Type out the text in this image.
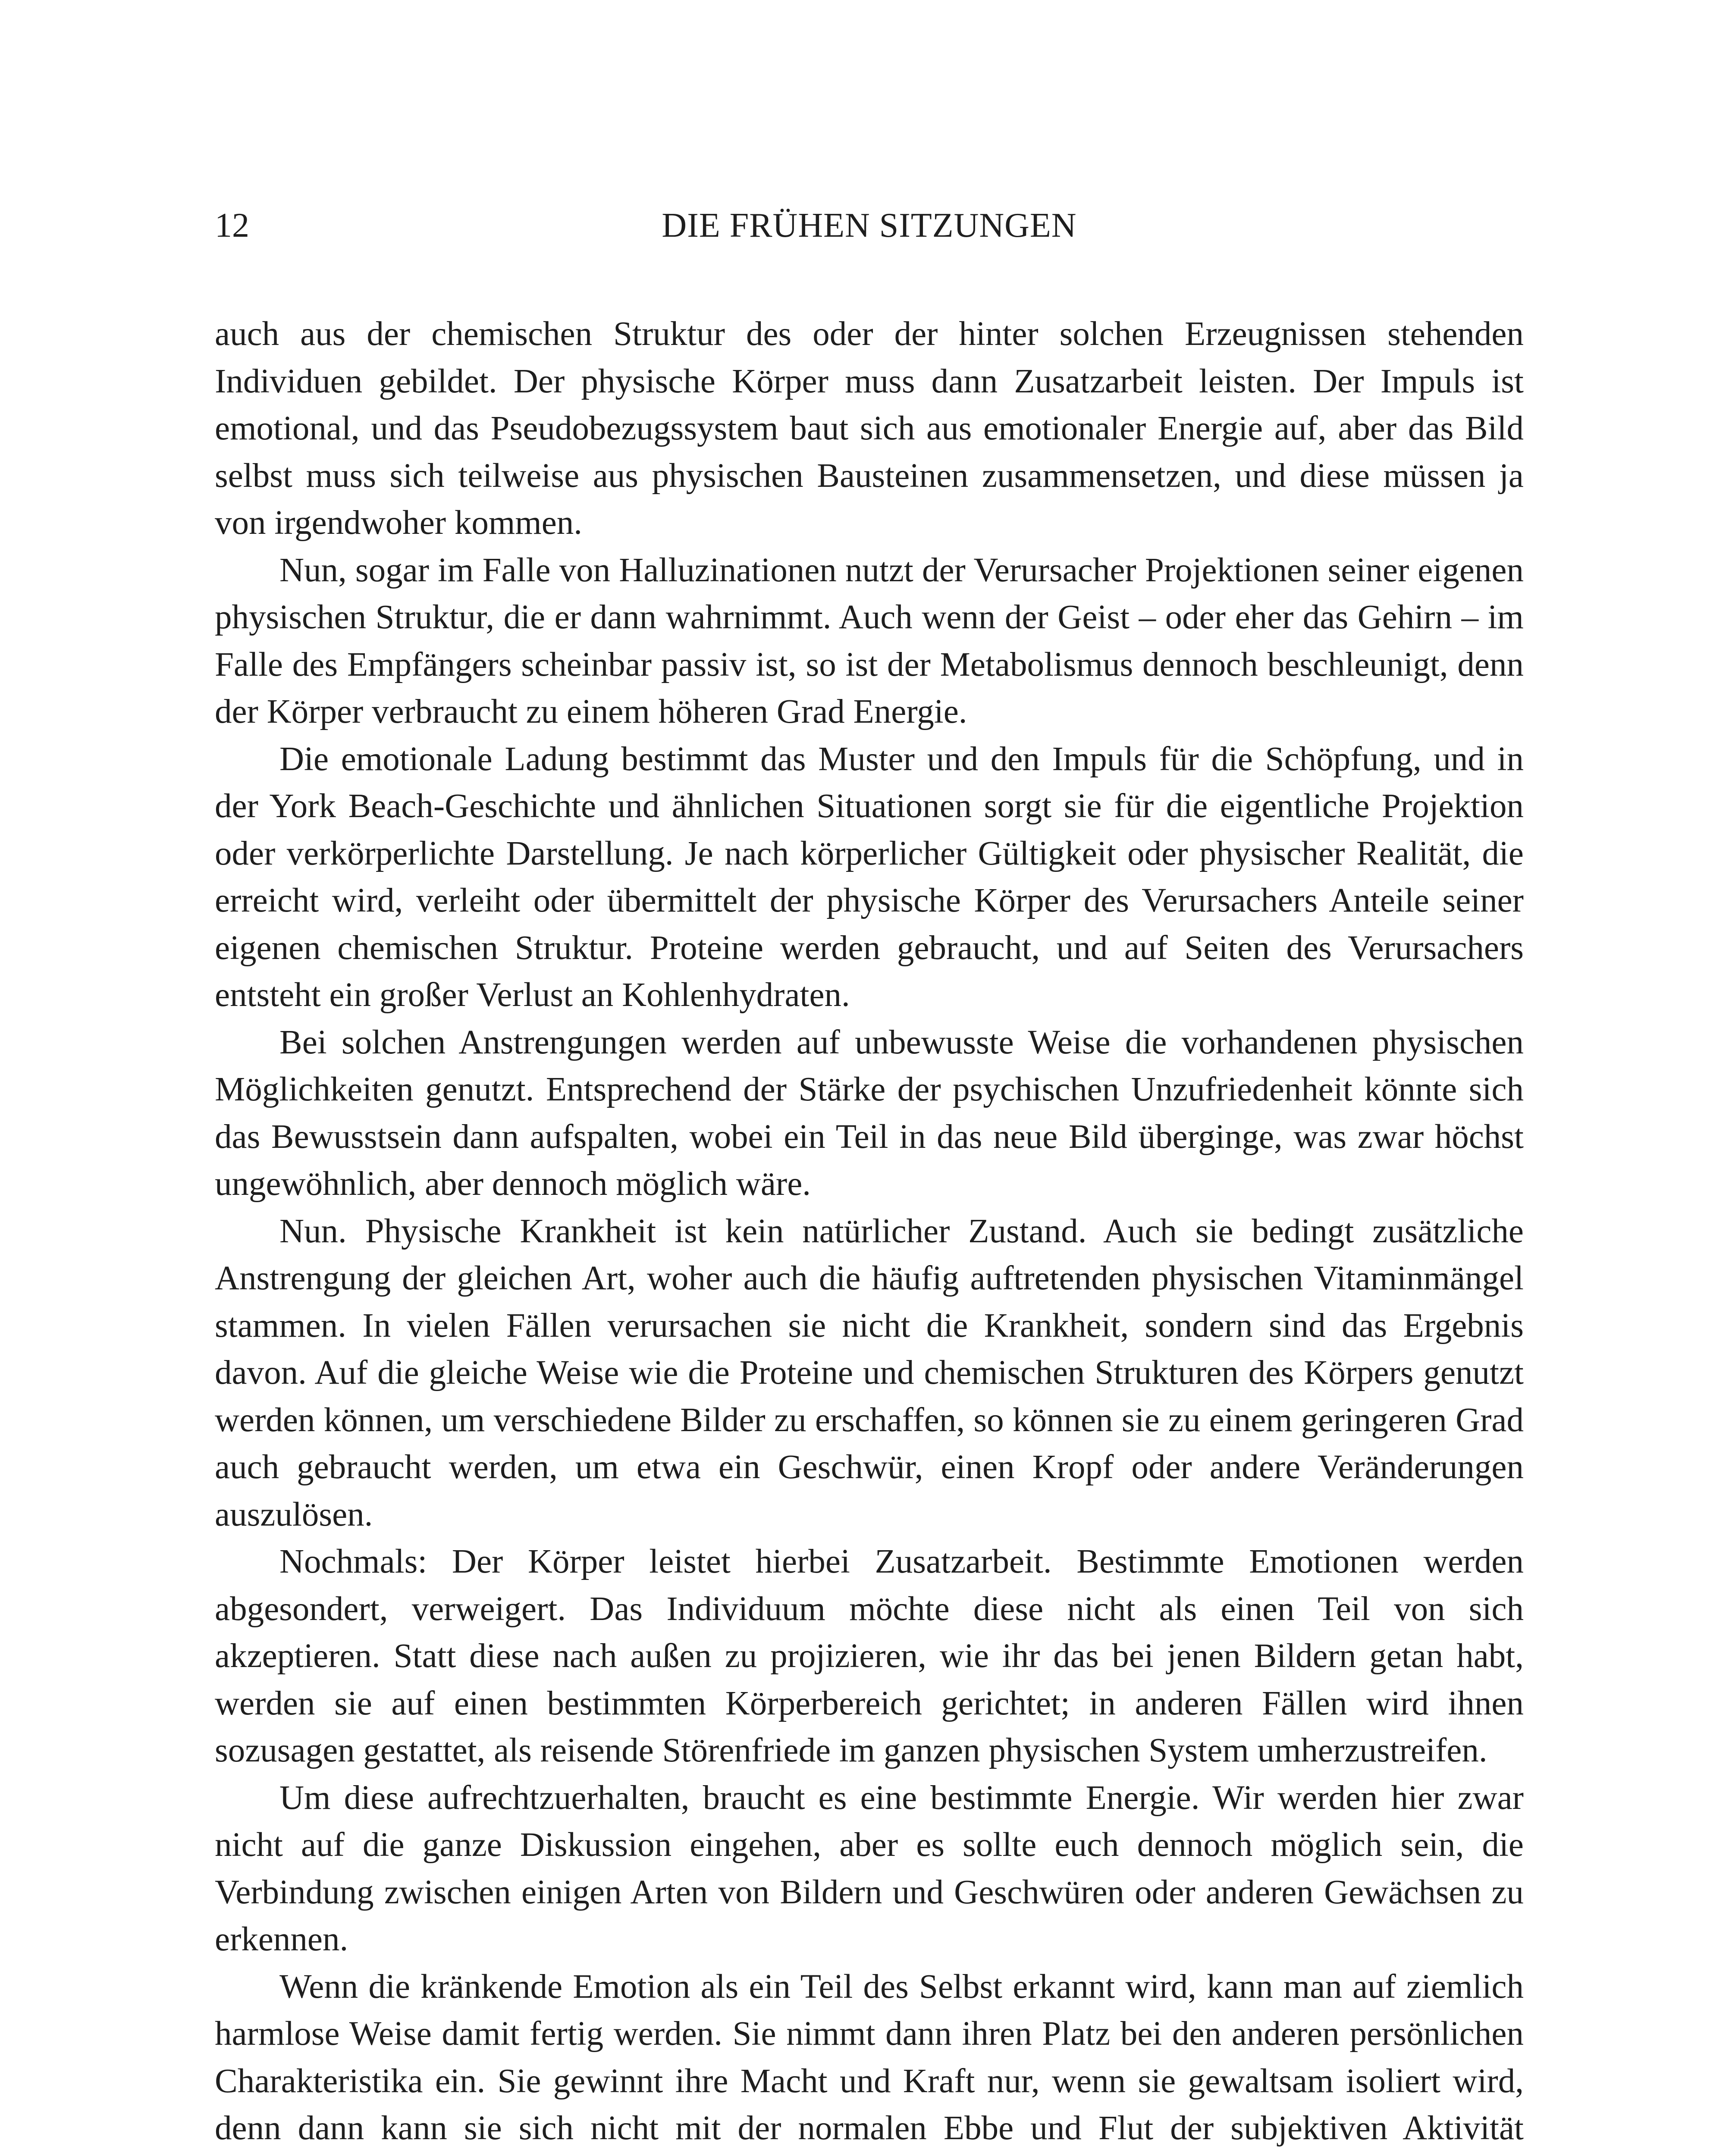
12	DIE FRÜHEN SITZUNGEN

auch aus der chemischen Struktur des oder der hinter solchen Erzeugnissen stehenden Individuen gebildet. Der physische Körper muss dann Zusatzarbeit leisten. Der Impuls ist emotional, und das Pseudobezugssystem baut sich aus emotionaler Energie auf, aber das Bild selbst muss sich teilweise aus physischen Bausteinen zusammensetzen, und diese müssen ja von irgendwoher kommen.

Nun, sogar im Falle von Halluzinationen nutzt der Verursacher Projektionen seiner eigenen physischen Struktur, die er dann wahrnimmt. Auch wenn der Geist – oder eher das Gehirn – im Falle des Empfängers scheinbar passiv ist, so ist der Metabolismus dennoch beschleunigt, denn der Körper verbraucht zu einem höheren Grad Energie.

Die emotionale Ladung bestimmt das Muster und den Impuls für die Schöpfung, und in der York Beach-Geschichte und ähnlichen Situationen sorgt sie für die eigentliche Projektion oder verkörperlichte Darstellung. Je nach körperlicher Gültigkeit oder physischer Realität, die erreicht wird, verleiht oder übermittelt der physische Körper des Verursachers Anteile seiner eigenen chemischen Struktur. Proteine werden gebraucht, und auf Seiten des Verursachers entsteht ein großer Verlust an Kohlenhydraten.

Bei solchen Anstrengungen werden auf unbewusste Weise die vorhandenen physischen Möglichkeiten genutzt. Entsprechend der Stärke der psychischen Unzufriedenheit könnte sich das Bewusstsein dann aufspalten, wobei ein Teil in das neue Bild überginge, was zwar höchst ungewöhnlich, aber dennoch möglich wäre.

Nun. Physische Krankheit ist kein natürlicher Zustand. Auch sie bedingt zusätzliche Anstrengung der gleichen Art, woher auch die häufig auftretenden physischen Vitaminmängel stammen. In vielen Fällen verursachen sie nicht die Krankheit, sondern sind das Ergebnis davon. Auf die gleiche Weise wie die Proteine und chemischen Strukturen des Körpers genutzt werden können, um verschiedene Bilder zu erschaffen, so können sie zu einem geringeren Grad auch gebraucht werden, um etwa ein Geschwür, einen Kropf oder andere Veränderungen auszulösen.

Nochmals: Der Körper leistet hierbei Zusatzarbeit. Bestimmte Emotionen werden abgesondert, verweigert. Das Individuum möchte diese nicht als einen Teil von sich akzeptieren. Statt diese nach außen zu projizieren, wie ihr das bei jenen Bildern getan habt, werden sie auf einen bestimmten Körperbereich gerichtet; in anderen Fällen wird ihnen sozusagen gestattet, als reisende Störenfriede im ganzen physischen System umherzustreifen.

Um diese aufrechtzuerhalten, braucht es eine bestimmte Energie. Wir werden hier zwar nicht auf die ganze Diskussion eingehen, aber es sollte euch dennoch möglich sein, die Verbindung zwischen einigen Arten von Bildern und Geschwüren oder anderen Gewächsen zu erkennen.

Wenn die kränkende Emotion als ein Teil des Selbst erkannt wird, kann man auf ziemlich harmlose Weise damit fertig werden. Sie nimmt dann ihren Platz bei den anderen persönlichen Charakteristika ein. Sie gewinnt ihre Macht und Kraft nur, wenn sie gewaltsam isoliert wird, denn dann kann sie sich nicht mit der normalen Ebbe und Flut der subjektiven Aktivität
